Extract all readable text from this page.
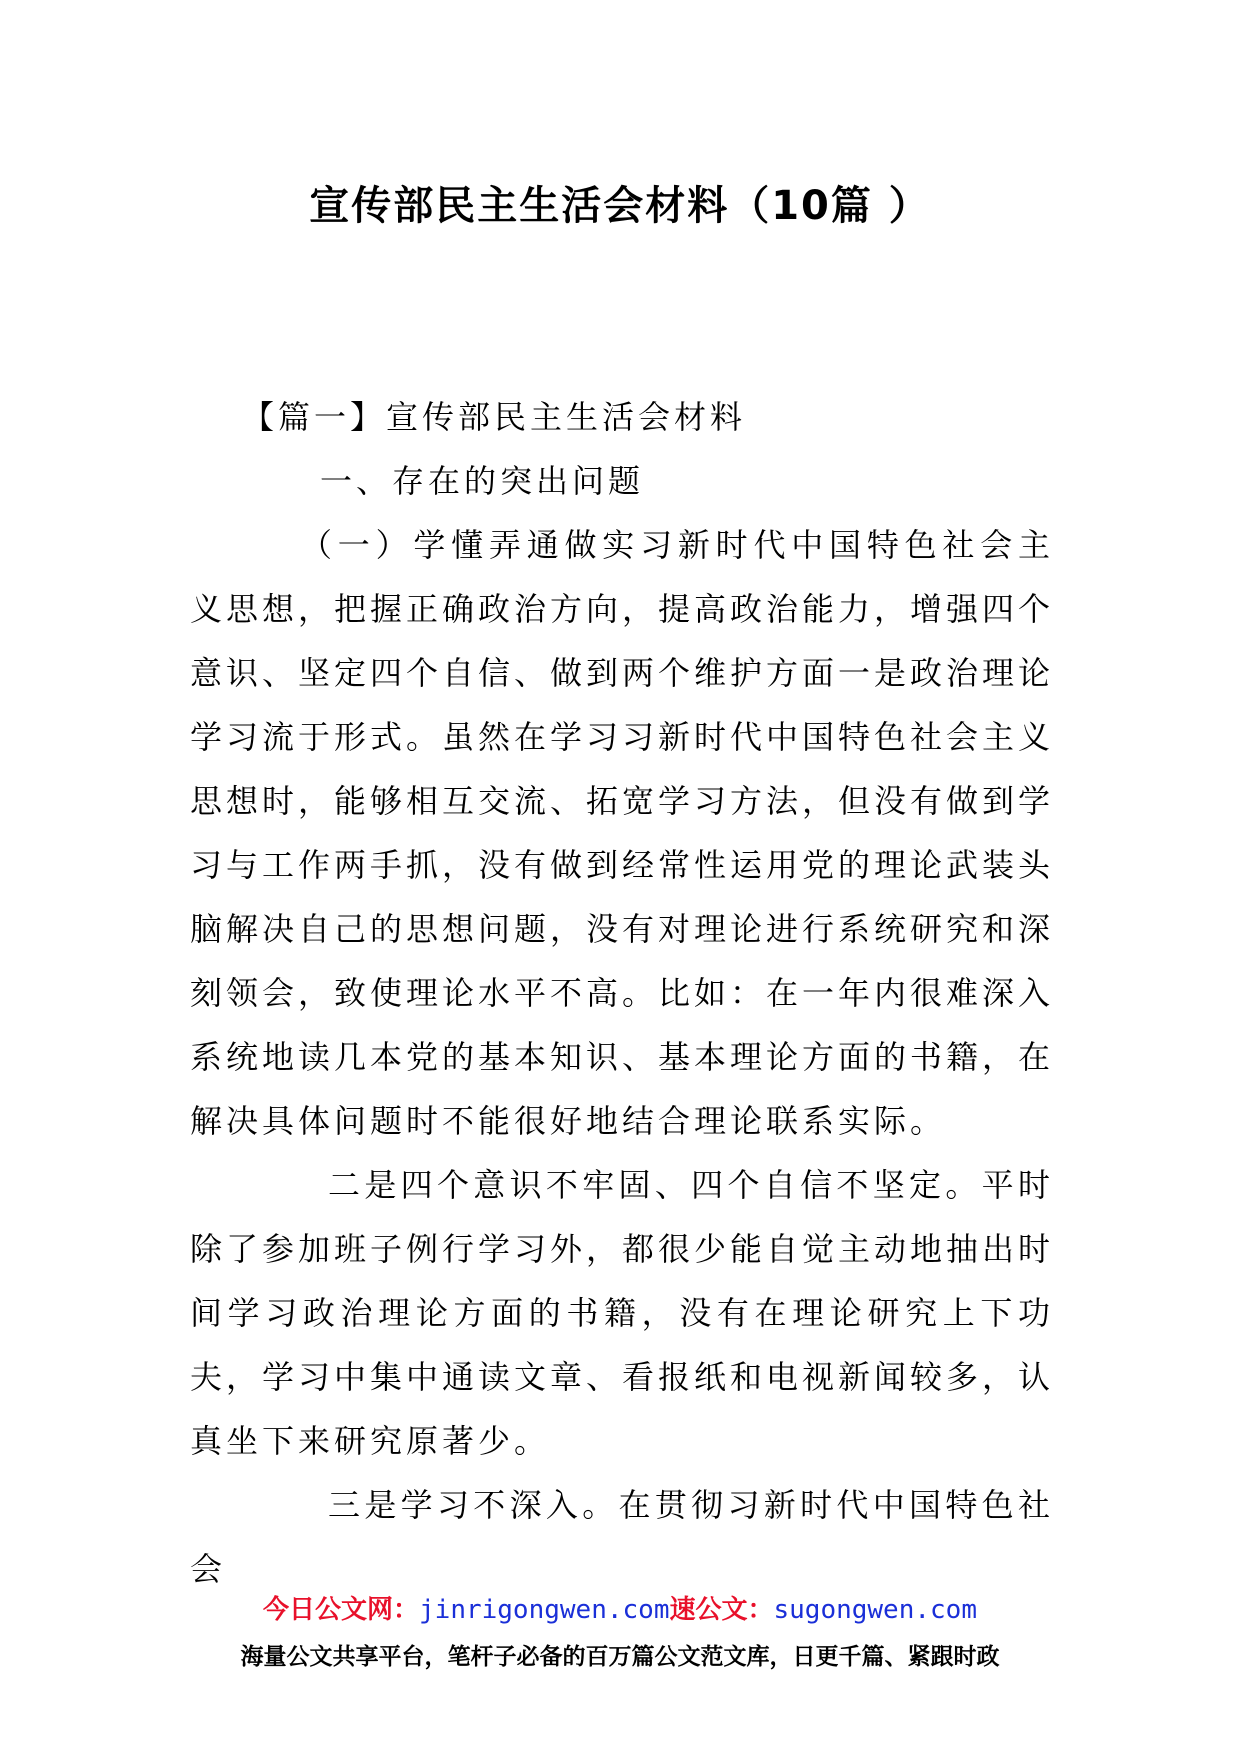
宣传部民主生活会材料（10篇 ）

【篇一】宣传部民主生活会材料

一、存在的突出问题

（一）学懂弄通做实习新时代中国特色社会主义思想，把握正确政治方向，提高政治能力，增强四个意识、坚定四个自信、做到两个维护方面一是政治理论学习流于形式。虽然在学习习新时代中国特色社会主义思想时，能够相互交流、拓宽学习方法，但没有做到学习与工作两手抓，没有做到经常性运用党的理论武装头脑解决自己的思想问题，没有对理论进行系统研究和深刻领会，致使理论水平不高。比如：在一年内很难深入系统地读几本党的基本知识、基本理论方面的书籍，在解决具体问题时不能很好地结合理论联系实际。

二是四个意识不牢固、四个自信不坚定。平时除了参加班子例行学习外，都很少能自觉主动地抽出时间学习政治理论方面的书籍，没有在理论研究上下功夫，学习中集中通读文章、看报纸和电视新闻较多，认真坐下来研究原著少。

三是学习不深入。在贯彻习新时代中国特色社会

今日公文网：jinrigongwen.com速公文：sugongwen.com
海量公文共享平台，笔杆子必备的百万篇公文范文库，日更千篇、紧跟时政
